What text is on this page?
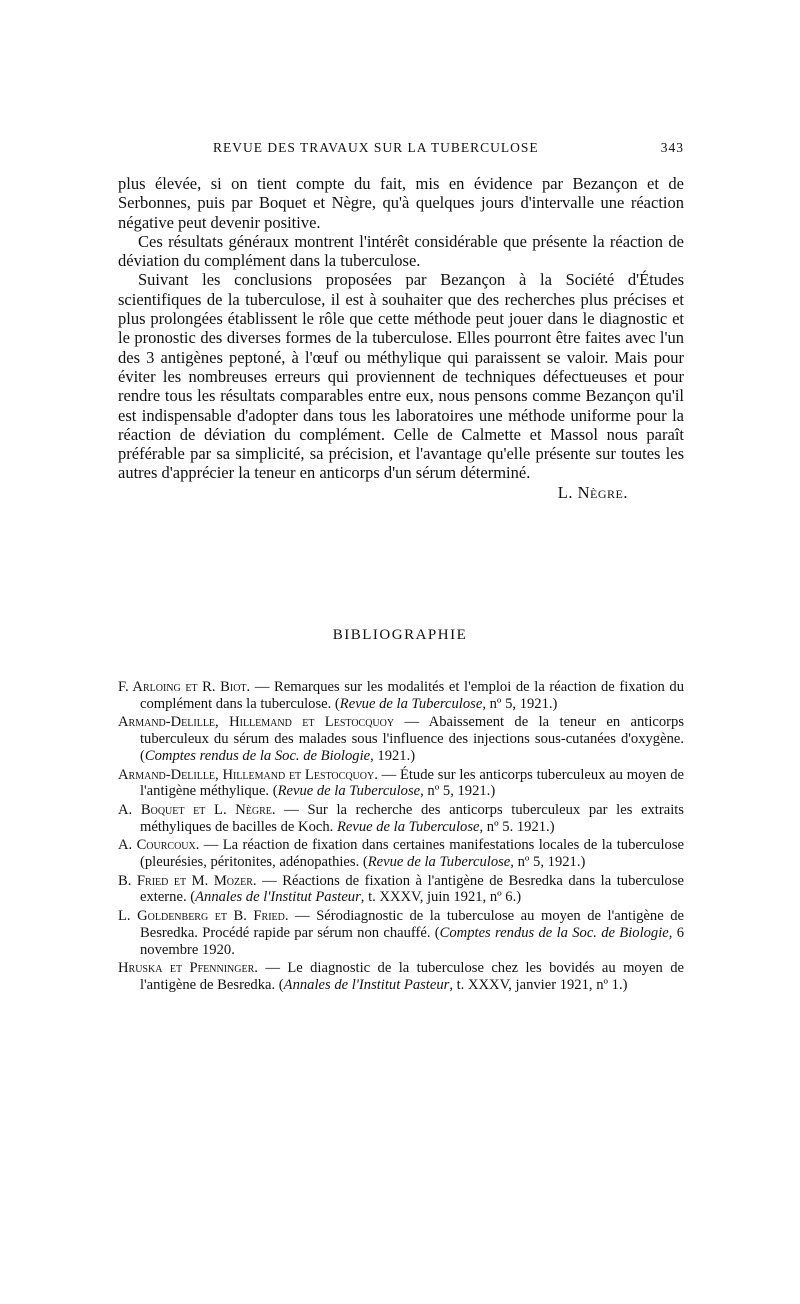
REVUE DES TRAVAUX SUR LA TUBERCULOSE	343

plus élevée, si on tient compte du fait, mis en évidence par Bezançon et de Serbonnes, puis par Boquet et Nègre, qu'à quelques jours d'intervalle une réaction négative peut devenir positive.

Ces résultats généraux montrent l'intérêt considérable que présente la réaction de déviation du complément dans la tuberculose.

Suivant les conclusions proposées par Bezançon à la Société d'Études scientifiques de la tuberculose, il est à souhaiter que des recherches plus précises et plus prolongées établissent le rôle que cette méthode peut jouer dans le diagnostic et le pronostic des diverses formes de la tuberculose. Elles pourront être faites avec l'un des 3 antigènes peptoné, à l'œuf ou méthylique qui paraissent se valoir. Mais pour éviter les nombreuses erreurs qui proviennent de techniques défectueuses et pour rendre tous les résultats comparables entre eux, nous pensons comme Bezançon qu'il est indispensable d'adopter dans tous les laboratoires une méthode uniforme pour la réaction de déviation du complément. Celle de Calmette et Massol nous paraît préférable par sa simplicité, sa précision, et l'avantage qu'elle présente sur toutes les autres d'apprécier la teneur en anticorps d'un sérum déterminé.

L. Nègre.
BIBLIOGRAPHIE

F. Arloing et R. Biot. — Remarques sur les modalités et l'emploi de la réaction de fixation du complément dans la tuberculose. (Revue de la Tuberculose, nº 5, 1921.)

Armand-Delille, Hillemand et Lestocquoy — Abaissement de la teneur en anticorps tuberculeux du sérum des malades sous l'influence des injections sous-cutanées d'oxygène. (Comptes rendus de la Soc. de Biologie, 1921.)

Armand-Delille, Hillemand et Lestocquoy. — Étude sur les anticorps tuberculeux au moyen de l'antigène méthylique. (Revue de la Tuberculose, nº 5, 1921.)

A. Boquet et L. Nègre. — Sur la recherche des anticorps tuberculeux par les extraits méthyliques de bacilles de Koch. Revue de la Tuberculose, nº 5. 1921.)

A. Courcoux. — La réaction de fixation dans certaines manifestations locales de la tuberculose (pleurésies, péritonites, adénopathies. (Revue de la Tuberculose, nº 5, 1921.)

B. Fried et M. Mozer. — Réactions de fixation à l'antigène de Besredka dans la tuberculose externe. (Annales de l'Institut Pasteur, t. XXXV, juin 1921, nº 6.)

L. Goldenberg et B. Fried. — Sérodiagnostic de la tuberculose au moyen de l'antigène de Besredka. Procédé rapide par sérum non chauffé. (Comptes rendus de la Soc. de Biologie, 6 novembre 1920.

Hruska et Pfenninger. — Le diagnostic de la tuberculose chez les bovidés au moyen de l'antigène de Besredka. (Annales de l'Institut Pasteur, t. XXXV, janvier 1921, nº 1.)
